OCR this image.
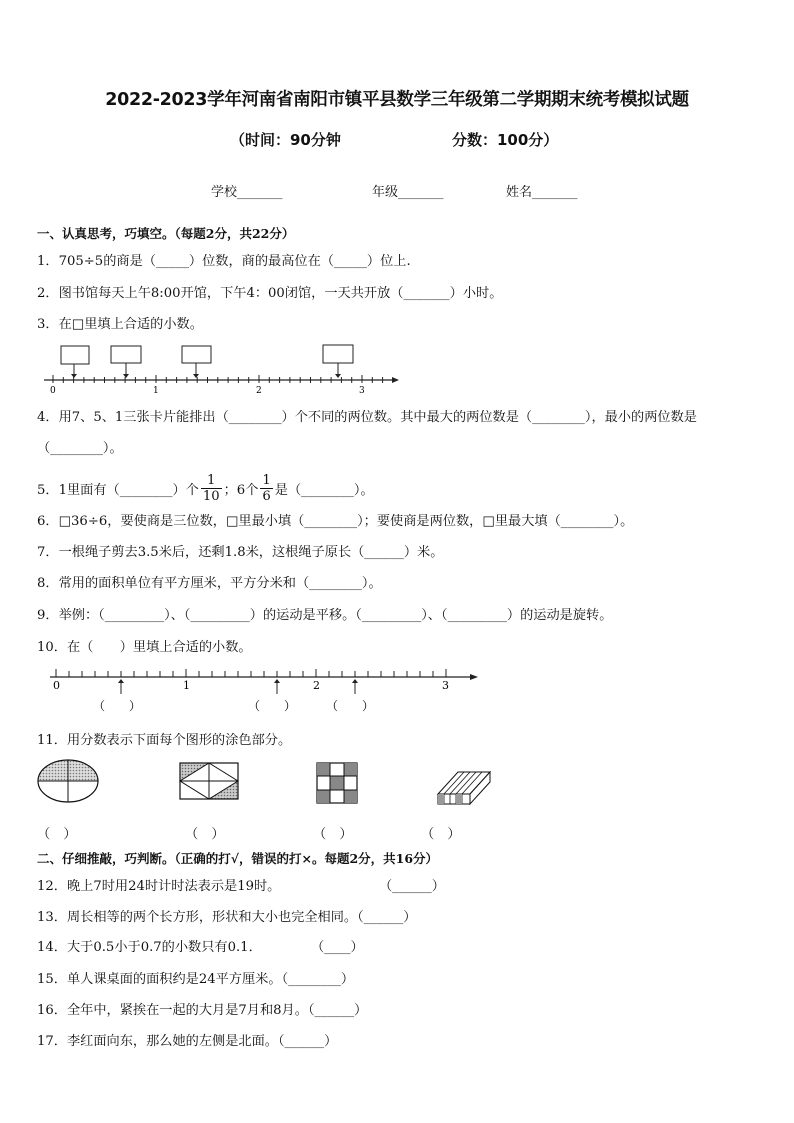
2022-2023学年河南省南阳市镇平县数学三年级第二学期期末统考模拟试题
（时间：90分钟	分数：100分）
学校_______	年级_______	姓名_______
一、认真思考，巧填空。（每题2分，共22分）
1．705÷5的商是（_____）位数，商的最高位在（_____）位上.
2．图书馆每天上午8:00开馆，下午4：00闭馆，一天共开放（_______）小时。
3．在□里填上合适的小数。
0	1	2	3
4．用7、5、1三张卡片能排出（________）个不同的两位数。其中最大的两位数是（________），最小的两位数是
（________）。
5．1里面有（________）个 $\frac{1}{10}$ ；6个 $\frac{1}{6}$ 是（________）。
6．□36÷6，要使商是三位数，□里最小填（________）；要使商是两位数，□里最大填（________）。
7．一根绳子剪去3.5米后，还剩1.8米，这根绳子原长（______）米。
8．常用的面积单位有平方厘米，平方分米和（________）。
9．举例：（_________）、（_________）的运动是平移。（_________）、（_________）的运动是旋转。
10．在（　　）里填上合适的小数。
0	1	2	3
（　　）	（　　） （　　）
11．用分数表示下面每个图形的涂色部分。
（　）	（　）	（　）	（　）
二、仔细推敲，巧判断。（正确的打√，错误的打×。每题2分，共16分）
12．晚上7时用24时计时法表示是19时。	（______）
13．周长相等的两个长方形，形状和大小也完全相同。（______）
14．大于0.5小于0.7的小数只有0.1．	（____）
15．单人课桌面的面积约是24平方厘米。（________）
16．全年中，紧挨在一起的大月是7月和8月。（______）
17．李红面向东，那么她的左侧是北面。（______）
